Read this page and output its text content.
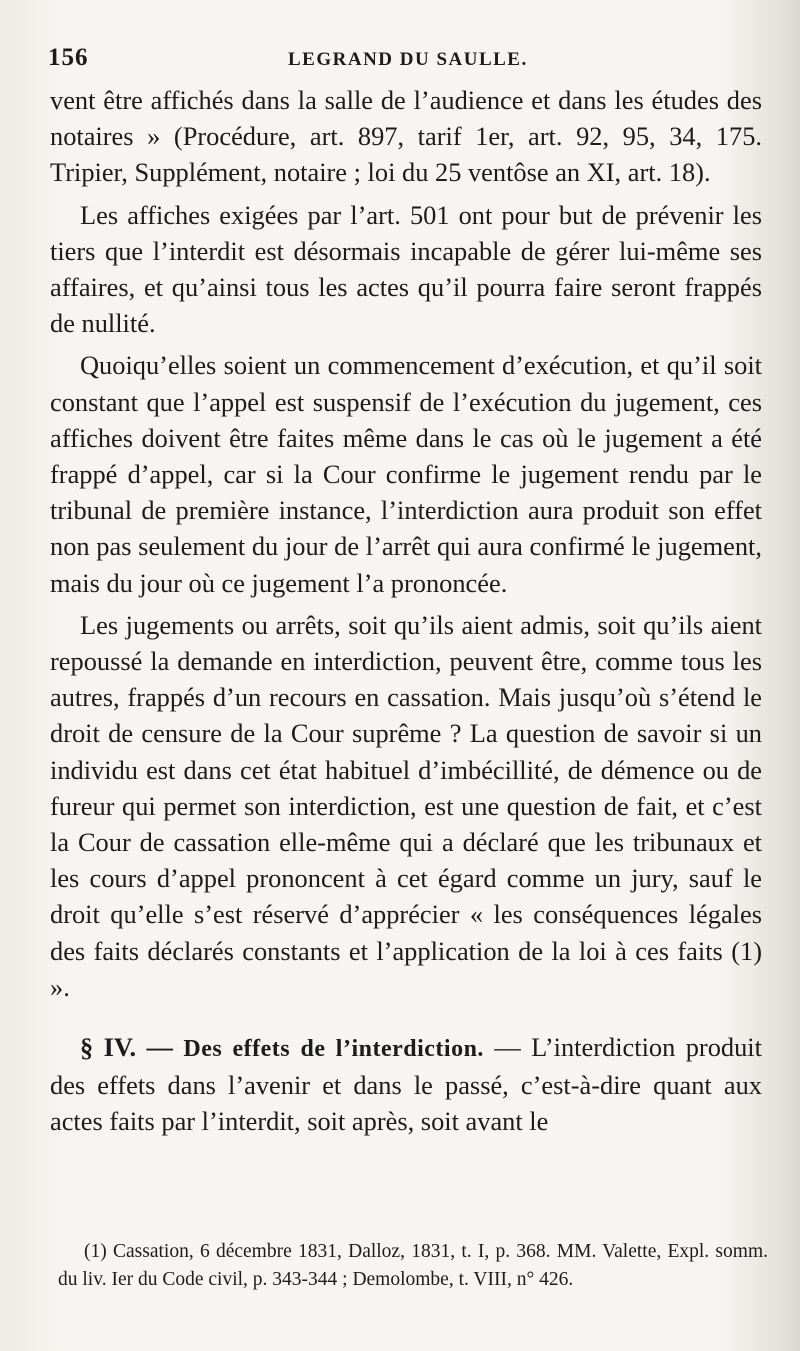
156	LEGRAND DU SAULLE.

vent être affichés dans la salle de l’audience et dans les études des notaires » (Procédure, art. 897, tarif 1er, art. 92, 95, 34, 175. Tripier, Supplément, notaire ; loi du 25 ventôse an XI, art. 18).

Les affiches exigées par l’art. 501 ont pour but de prévenir les tiers que l’interdit est désormais incapable de gérer lui-même ses affaires, et qu’ainsi tous les actes qu’il pourra faire seront frappés de nullité.

Quoiqu’elles soient un commencement d’exécution, et qu’il soit constant que l’appel est suspensif de l’exécution du jugement, ces affiches doivent être faites même dans le cas où le jugement a été frappé d’appel, car si la Cour confirme le jugement rendu par le tribunal de première instance, l’interdiction aura produit son effet non pas seulement du jour de l’arrêt qui aura confirmé le jugement, mais du jour où ce jugement l’a prononcée.

Les jugements ou arrêts, soit qu’ils aient admis, soit qu’ils aient repoussé la demande en interdiction, peuvent être, comme tous les autres, frappés d’un recours en cassation. Mais jusqu’où s’étend le droit de censure de la Cour suprême ? La question de savoir si un individu est dans cet état habituel d’imbécillité, de démence ou de fureur qui permet son interdiction, est une question de fait, et c’est la Cour de cassation elle-même qui a déclaré que les tribunaux et les cours d’appel prononcent à cet égard comme un jury, sauf le droit qu’elle s’est réservé d’apprécier « les conséquences légales des faits déclarés constants et l’application de la loi à ces faits (1) ».

§ IV. — Des effets de l’interdiction. — L’interdiction produit des effets dans l’avenir et dans le passé, c’est-à-dire quant aux actes faits par l’interdit, soit après, soit avant le

(1) Cassation, 6 décembre 1831, Dalloz, 1831, t. I, p. 368. MM. Valette, Expl. somm. du liv. Ier du Code civil, p. 343-344 ; Demolombe, t. VIII, n° 426.
